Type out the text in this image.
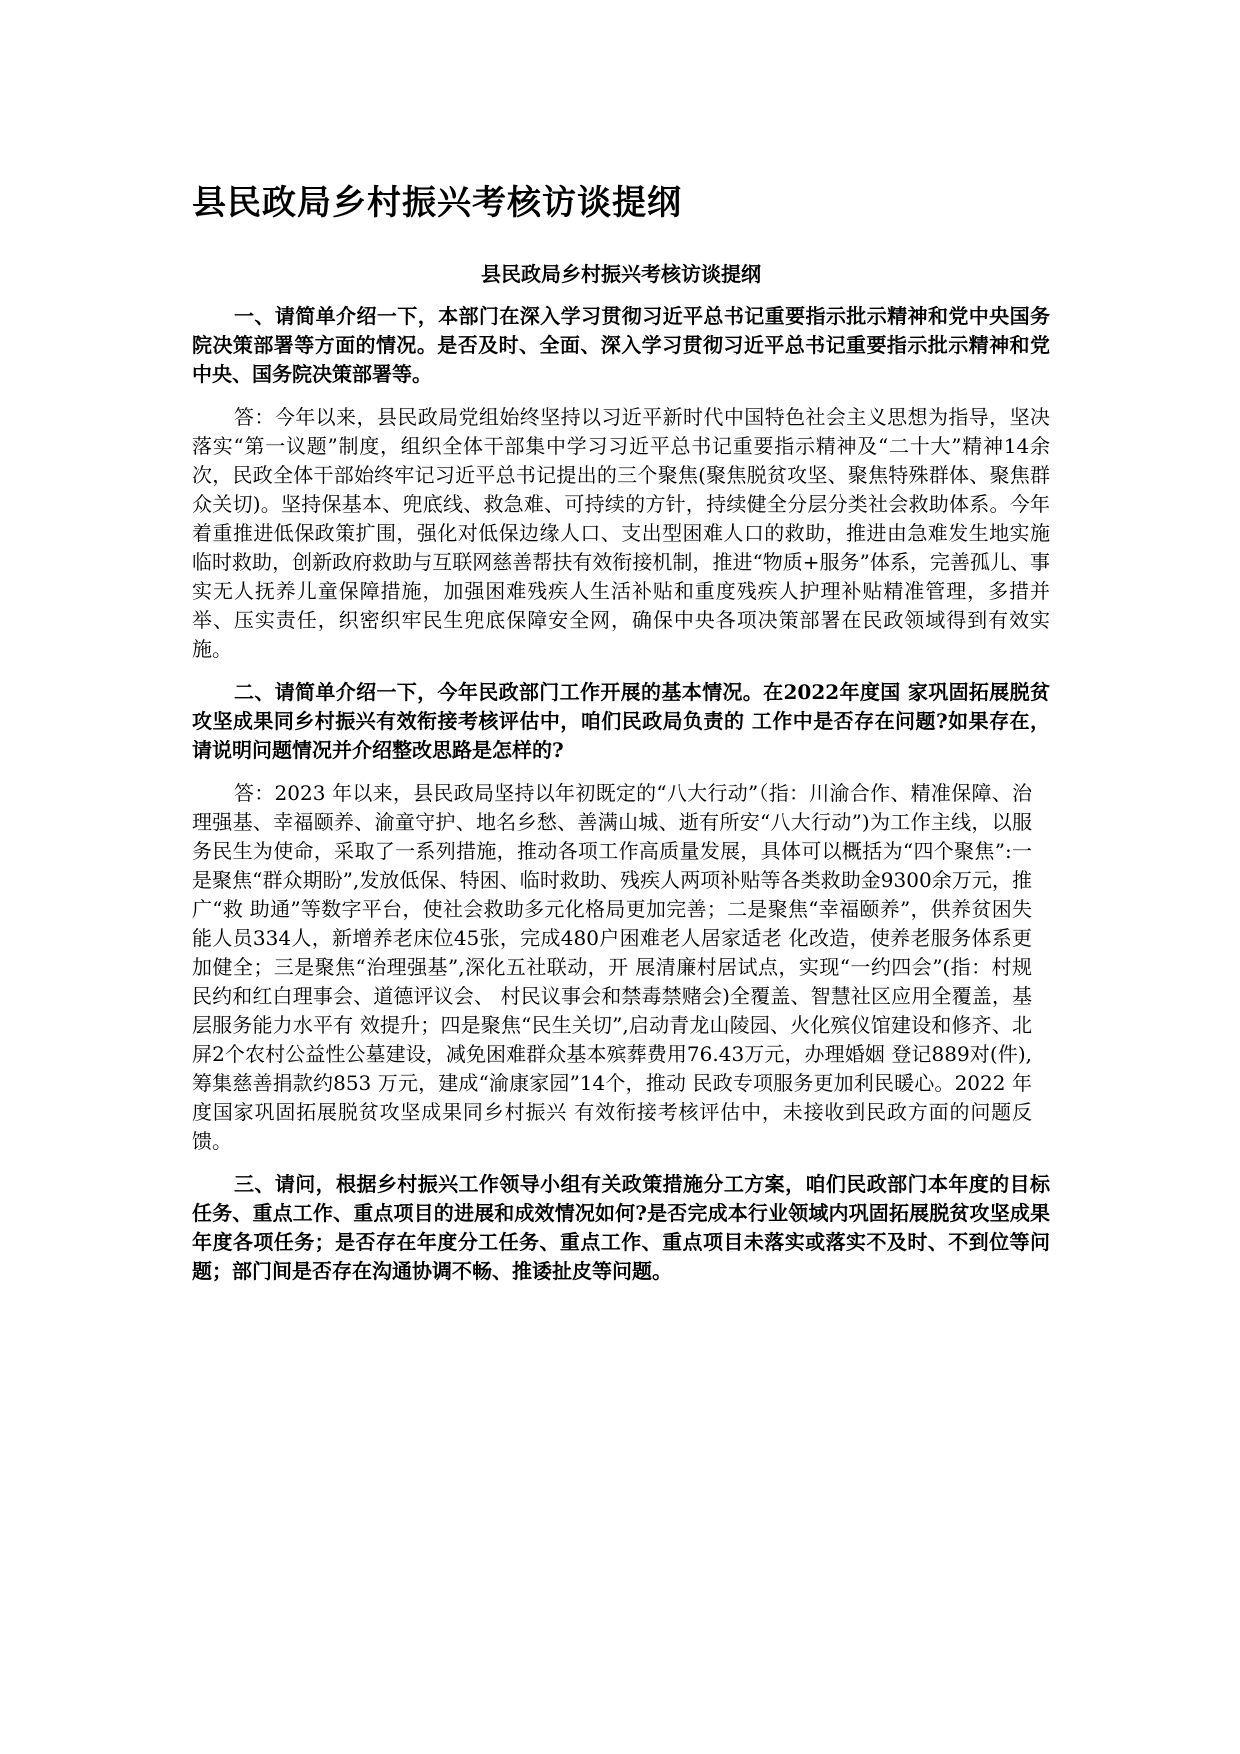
县民政局乡村振兴考核访谈提纲
县民政局乡村振兴考核访谈提纲

一、请简单介绍一下，本部门在深入学习贯彻习近平总书记重要指示批示精神和党中央国务院决策部署等方面的情况。是否及时、全面、深入学习贯彻习近平总书记重要指示批示精神和党中央、国务院决策部署等。

答：今年以来，县民政局党组始终坚持以习近平新时代中国特色社会主义思想为指导，坚决落实“第一议题”制度，组织全体干部集中学习习近平总书记重要指示精神及“二十大”精神14余次，民政全体干部始终牢记习近平总书记提出的三个聚焦(聚焦脱贫攻坚、聚焦特殊群体、聚焦群众关切)。坚持保基本、兜底线、救急难、可持续的方针，持续健全分层分类社会救助体系。今年着重推进低保政策扩围，强化对低保边缘人口、支出型困难人口的救助，推进由急难发生地实施临时救助，创新政府救助与互联网慈善帮扶有效衔接机制，推进“物质+服务”体系，完善孤儿、事实无人抚养儿童保障措施，加强困难残疾人生活补贴和重度残疾人护理补贴精准管理，多措并举、压实责任，织密织牢民生兜底保障安全网，确保中央各项决策部署在民政领域得到有效实施。

二、请简单介绍一下，今年民政部门工作开展的基本情况。在2022年度国 家巩固拓展脱贫攻坚成果同乡村振兴有效衔接考核评估中，咱们民政局负责的 工作中是否存在问题?如果存在，请说明问题情况并介绍整改思路是怎样的?

答：2023 年以来，县民政局坚持以年初既定的“八大行动”（指：川渝合作、精准保障、治理强基、幸福颐养、渝童守护、地名乡愁、善满山城、逝有所安“八大行动”)为工作主线，以服务民生为使命，采取了一系列措施，推动各项工作高质量发展，具体可以概括为“四个聚焦”:一是聚焦“群众期盼”,发放低保、特困、临时救助、残疾人两项补贴等各类救助金9300余万元，推广“救 助通”等数字平台，使社会救助多元化格局更加完善；二是聚焦“幸福颐养”，供养贫困失能人员334人，新增养老床位45张，完成480户困难老人居家适老 化改造，使养老服务体系更加健全；三是聚焦“治理强基”,深化五社联动，开 展清廉村居试点，实现“一约四会”(指：村规民约和红白理事会、道德评议会、 村民议事会和禁毒禁赌会)全覆盖、智慧社区应用全覆盖，基层服务能力水平有 效提升；四是聚焦“民生关切”,启动青龙山陵园、火化殡仪馆建设和修齐、北 屏2个农村公益性公墓建设，减免困难群众基本殡葬费用76.43万元，办理婚姻 登记889对(件),筹集慈善捐款约853 万元，建成“渝康家园”14个，推动 民政专项服务更加利民暖心。2022 年度国家巩固拓展脱贫攻坚成果同乡村振兴 有效衔接考核评估中，未接收到民政方面的问题反馈。

三、请问，根据乡村振兴工作领导小组有关政策措施分工方案，咱们民政部门本年度的目标任务、重点工作、重点项目的进展和成效情况如何?是否完成本行业领域内巩固拓展脱贫攻坚成果年度各项任务；是否存在年度分工任务、重点工作、重点项目未落实或落实不及时、不到位等问题；部门间是否存在沟通协调不畅、推诿扯皮等问题。
